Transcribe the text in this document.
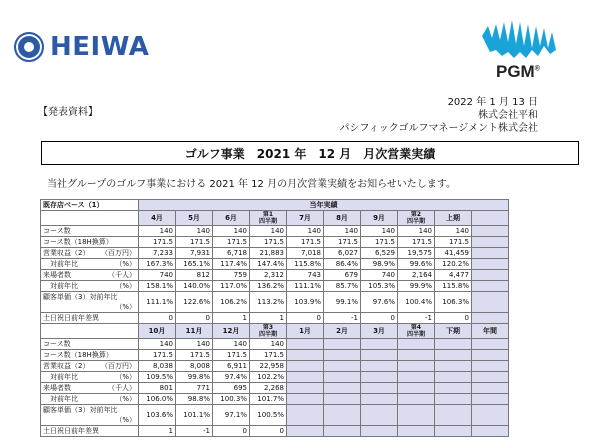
HEIWA
PGM®
【発表資料】
2022 年 1 月 13 日
株式会社平和
パシフィックゴルフマネージメント株式会社
ゴルフ事業　2021 年　12 月　月次営業実績
当社グループのゴルフ事業における 2021 年 12 月の月次営業実績をお知らせいたします。
既存店ベース（1）	当年実績									
	4月	5月	6月	第1
四半期	7月	8月	9月	第2
四半期	上期	
コース数	140	140	140	140	140	140	140	140	140	
コース数（18H換算）	171.5	171.5	171.5	171.5	171.5	171.5	171.5	171.5	171.5	
営業収益（2） （百万円）	7,233	7,931	6,718	21,883	7,018	6,027	6,529	19,575	41,459	
　対前年比 （%）	167.3%	165.1%	117.4%	147.4%	115.8%	86.4%	98.9%	99.6%	120.2%	
来場者数 （千人）	740	812	759	2,312	743	679	740	2,164	4,477	
　対前年比 （%）	158.1%	140.0%	117.0%	136.2%	111.1%	85.7%	105.3%	99.9%	115.8%	
顧客単価（3）対前年比
（%）	111.1%	122.6%	106.2%	113.2%	103.9%	99.1%	97.6%	100.4%	106.3%	
土日祝日前年差異	0	0	1	1	0	-1	0	-1	0	
	10月	11月	12月	第3
四半期	1月	2月	3月	第4
四半期	下期	年間
コース数	140	140	140	140						
コース数（18H換算）	171.5	171.5	171.5	171.5						
営業収益（2） （百万円）	8,038	8,008	6,911	22,958						
　対前年比 （%）	109.5%	99.8%	97.4%	102.2%						
来場者数 （千人）	801	771	695	2,268						
　対前年比 （%）	106.0%	98.8%	100.3%	101.7%						
顧客単価（3）対前年比
（%）	103.6%	101.1%	97.1%	100.5%						
土日祝日前年差異	1	-1	0	0						
